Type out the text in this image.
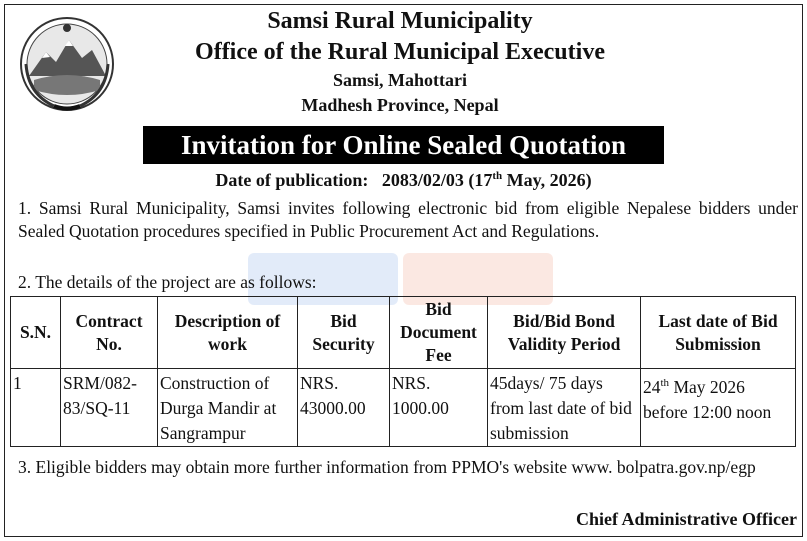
Samsi Rural Municipality
Office of the Rural Municipal Executive
Samsi, Mahottari
Madhesh Province, Nepal
Invitation for Online Sealed Quotation
Date of publication: 2083/02/03 (17th May, 2026)
1. Samsi Rural Municipality, Samsi invites following electronic bid from eligible Nepalese bidders under Sealed Quotation procedures specified in Public Procurement Act and Regulations.
2. The details of the project are as follows:
S.N.	Contract No.	Description of work	Bid Security	Bid Document Fee	Bid/Bid Bond Validity Period	Last date of Bid Submission
1	SRM/082-83/SQ-11	Construction of Durga Mandir at Sangrampur	NRS. 43000.00	NRS. 1000.00	45days/ 75 days from last date of bid submission	24th May 2026 before 12:00 noon
3. Eligible bidders may obtain more further information from PPMO's website www. bolpatra.gov.np/egp
Chief Administrative Officer
